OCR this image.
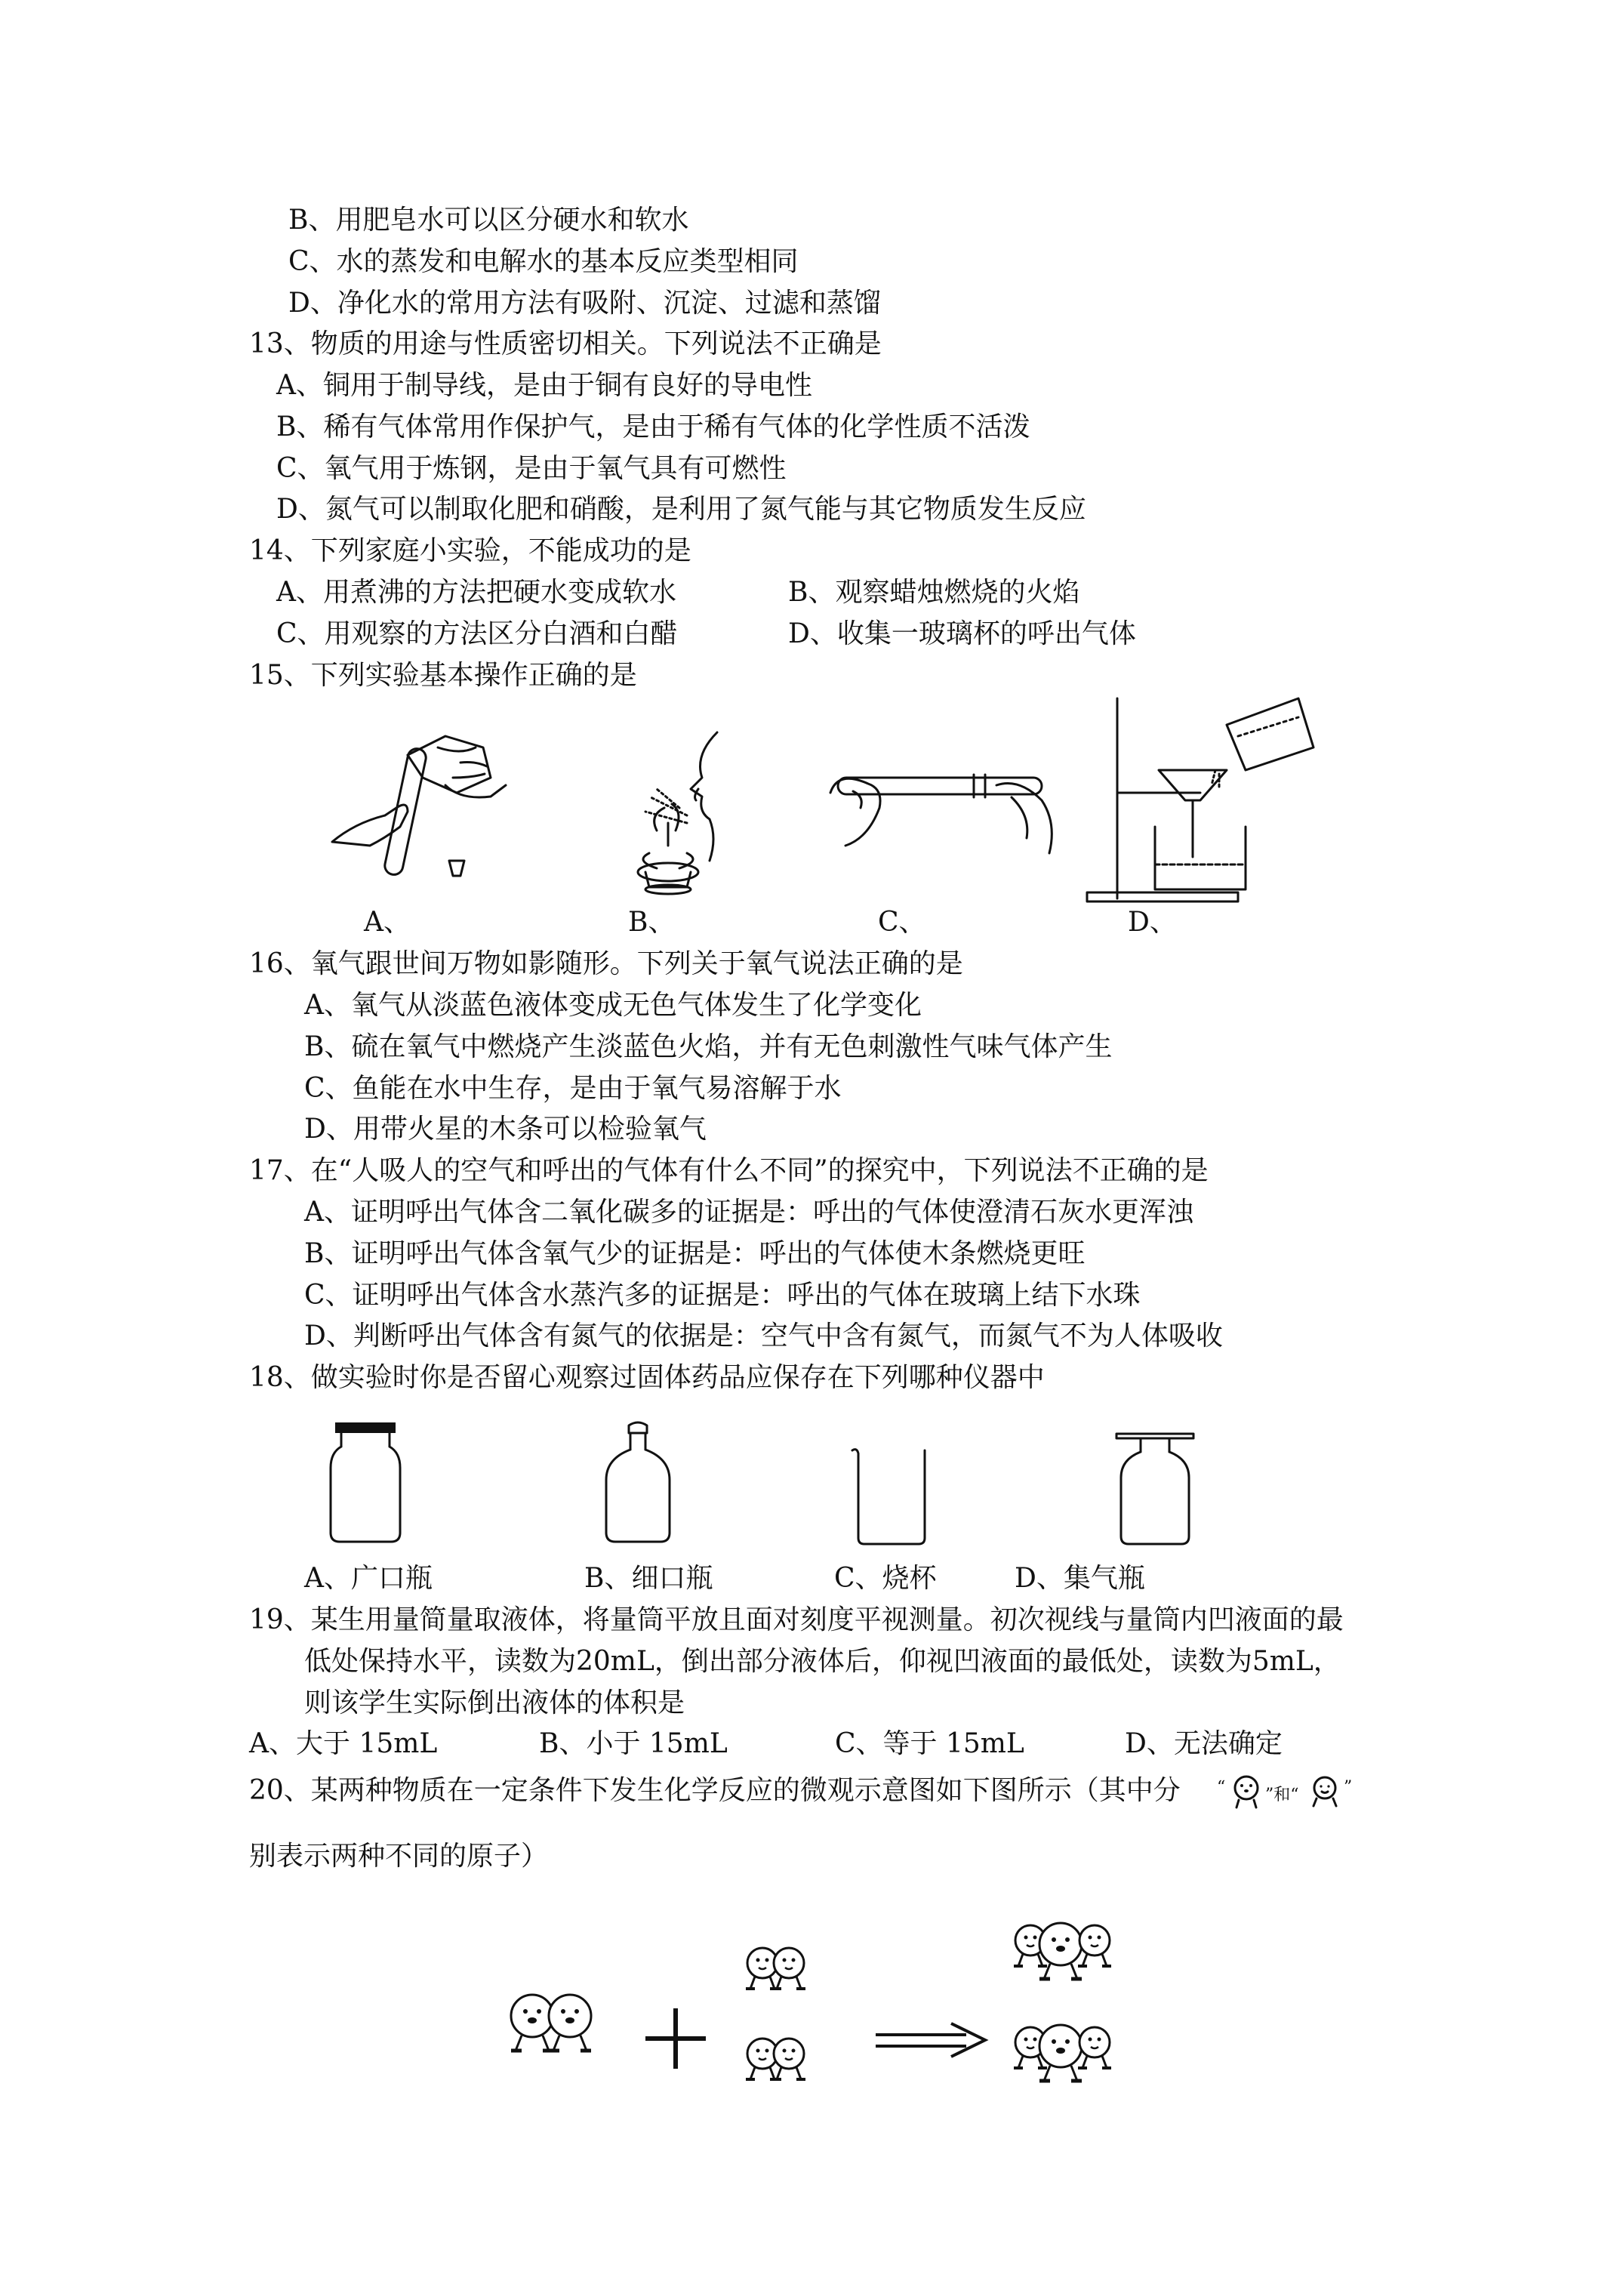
B、用肥皂水可以区分硬水和软水
C、水的蒸发和电解水的基本反应类型相同
D、净化水的常用方法有吸附、沉淀、过滤和蒸馏
13、物质的用途与性质密切相关。下列说法不正确是
A、铜用于制导线，是由于铜有良好的导电性
B、稀有气体常用作保护气，是由于稀有气体的化学性质不活泼
C、氧气用于炼钢，是由于氧气具有可燃性
D、氮气可以制取化肥和硝酸，是利用了氮气能与其它物质发生反应
14、下列家庭小实验，不能成功的是
A、用煮沸的方法把硬水变成软水	B、观察蜡烛燃烧的火焰
C、用观察的方法区分白酒和白醋	D、收集一玻璃杯的呼出气体
15、下列实验基本操作正确的是
A、	B、	C、	D、
16、氧气跟世间万物如影随形。下列关于氧气说法正确的是
A、氧气从淡蓝色液体变成无色气体发生了化学变化
B、硫在氧气中燃烧产生淡蓝色火焰，并有无色刺激性气味气体产生
C、鱼能在水中生存，是由于氧气易溶解于水
D、用带火星的木条可以检验氧气
17、在“人吸人的空气和呼出的气体有什么不同”的探究中，下列说法不正确的是
A、证明呼出气体含二氧化碳多的证据是：呼出的气体使澄清石灰水更浑浊
B、证明呼出气体含氧气少的证据是：呼出的气体使木条燃烧更旺
C、证明呼出气体含水蒸汽多的证据是：呼出的气体在玻璃上结下水珠
D、判断呼出气体含有氮气的依据是：空气中含有氮气，而氮气不为人体吸收
18、做实验时你是否留心观察过固体药品应保存在下列哪种仪器中
A、广口瓶	B、细口瓶	C、烧杯	D、集气瓶
19、某生用量简量取液体，将量筒平放且面对刻度平视测量。初次视线与量筒内凹液面的最
低处保持水平，读数为20mL，倒出部分液体后，仰视凹液面的最低处，读数为5mL，
则该学生实际倒出液体的体积是
A、大于 15mL	B、小于 15mL	C、等于 15mL	D、无法确定
20、某两种物质在一定条件下发生化学反应的微观示意图如下图所示（其中分 “ ”和“	”
别表示两种不同的原子）
